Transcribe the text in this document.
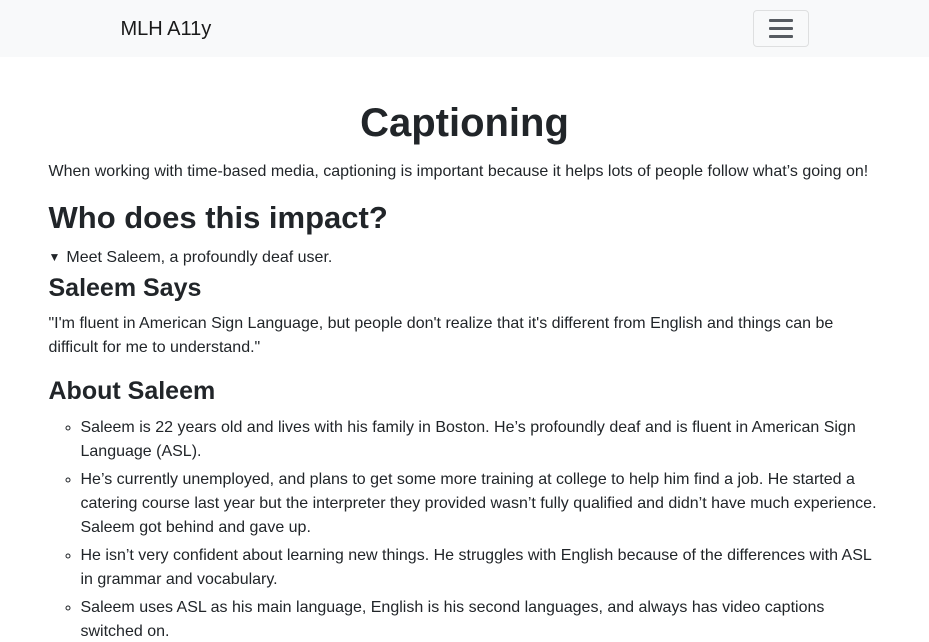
MLH A11y
Captioning

When working with time-based media, captioning is important because it helps lots of people follow what’s going on!

Who does this impact?
▼ Meet Saleem, a profoundly deaf user.
Saleem Says

"I'm fluent in American Sign Language, but people don't realize that it's different from English and things can be difficult for me to understand."

About Saleem
◦ Saleem is 22 years old and lives with his family in Boston. He’s profoundly deaf and is fluent in American Sign Language (ASL).
◦ He’s currently unemployed, and plans to get some more training at college to help him find a job. He started a catering course last year but the interpreter they provided wasn’t fully qualified and didn’t have much experience. Saleem got behind and gave up.
◦ He isn’t very confident about learning new things. He struggles with English because of the differences with ASL in grammar and vocabulary.
◦ Saleem uses ASL as his main language, English is his second languages, and always has video captions switched on.
